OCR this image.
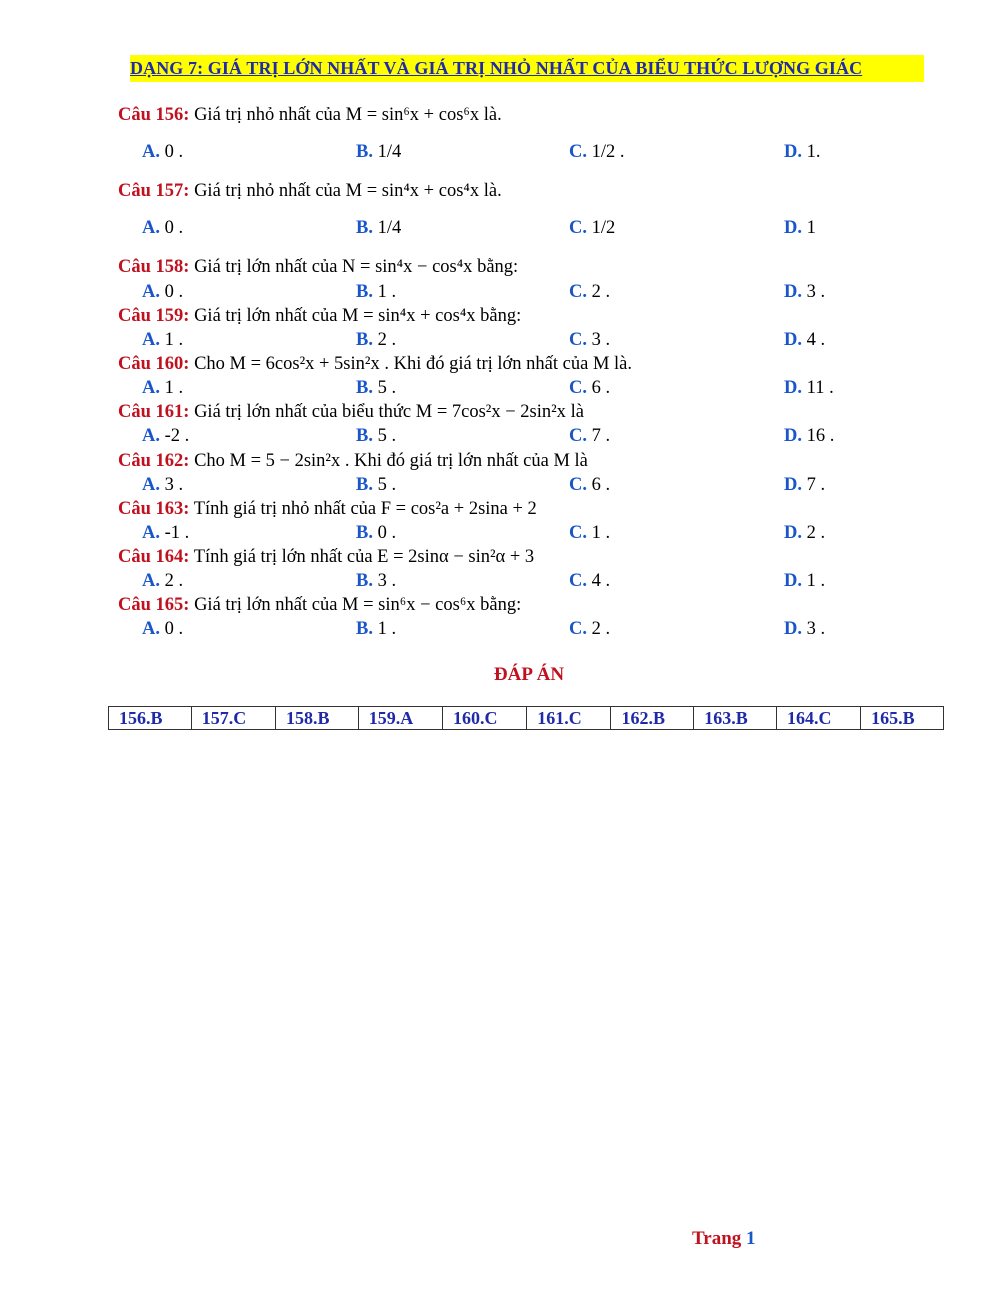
DẠNG 7: GIÁ TRỊ LỚN NHẤT VÀ GIÁ TRỊ NHỎ NHẤT CỦA BIỂU THỨC LƯỢNG GIÁC
Câu 156: Giá trị nhỏ nhất của M = sin⁶x + cos⁶x là.
A. 0 .	B. 1/4	C. 1/2 .	D. 1.
Câu 157: Giá trị nhỏ nhất của M = sin⁴x + cos⁴x là.
A. 0 .	B. 1/4	C. 1/2	D. 1
Câu 158: Giá trị lớn nhất của N = sin⁴x − cos⁴x bằng:
A. 0 .	B. 1 .	C. 2 .	D. 3 .
Câu 159: Giá trị lớn nhất của M = sin⁴x + cos⁴x bằng:
A. 1 .	B. 2 .	C. 3 .	D. 4 .
Câu 160: Cho M = 6cos²x + 5sin²x . Khi đó giá trị lớn nhất của M là.
A. 1 .	B. 5 .	C. 6 .	D. 11 .
Câu 161: Giá trị lớn nhất của biểu thức M = 7cos²x − 2sin²x là
A. -2 .	B. 5 .	C. 7 .	D. 16 .
Câu 162: Cho M = 5 − 2sin²x . Khi đó giá trị lớn nhất của M là
A. 3 .	B. 5 .	C. 6 .	D. 7 .
Câu 163: Tính giá trị nhỏ nhất của F = cos²a + 2sina + 2
A. -1 .	B. 0 .	C. 1 .	D. 2 .
Câu 164: Tính giá trị lớn nhất của E = 2sinα − sin²α + 3
A. 2 .	B. 3 .	C. 4 .	D. 1 .
Câu 165: Giá trị lớn nhất của M = sin⁶x − cos⁶x bằng:
A. 0 .	B. 1 .	C. 2 .	D. 3 .
ĐÁP ÁN
156.B	157.C	158.B	159.A	160.C	161.C	162.B	163.B	164.C	165.B
Trang 1
